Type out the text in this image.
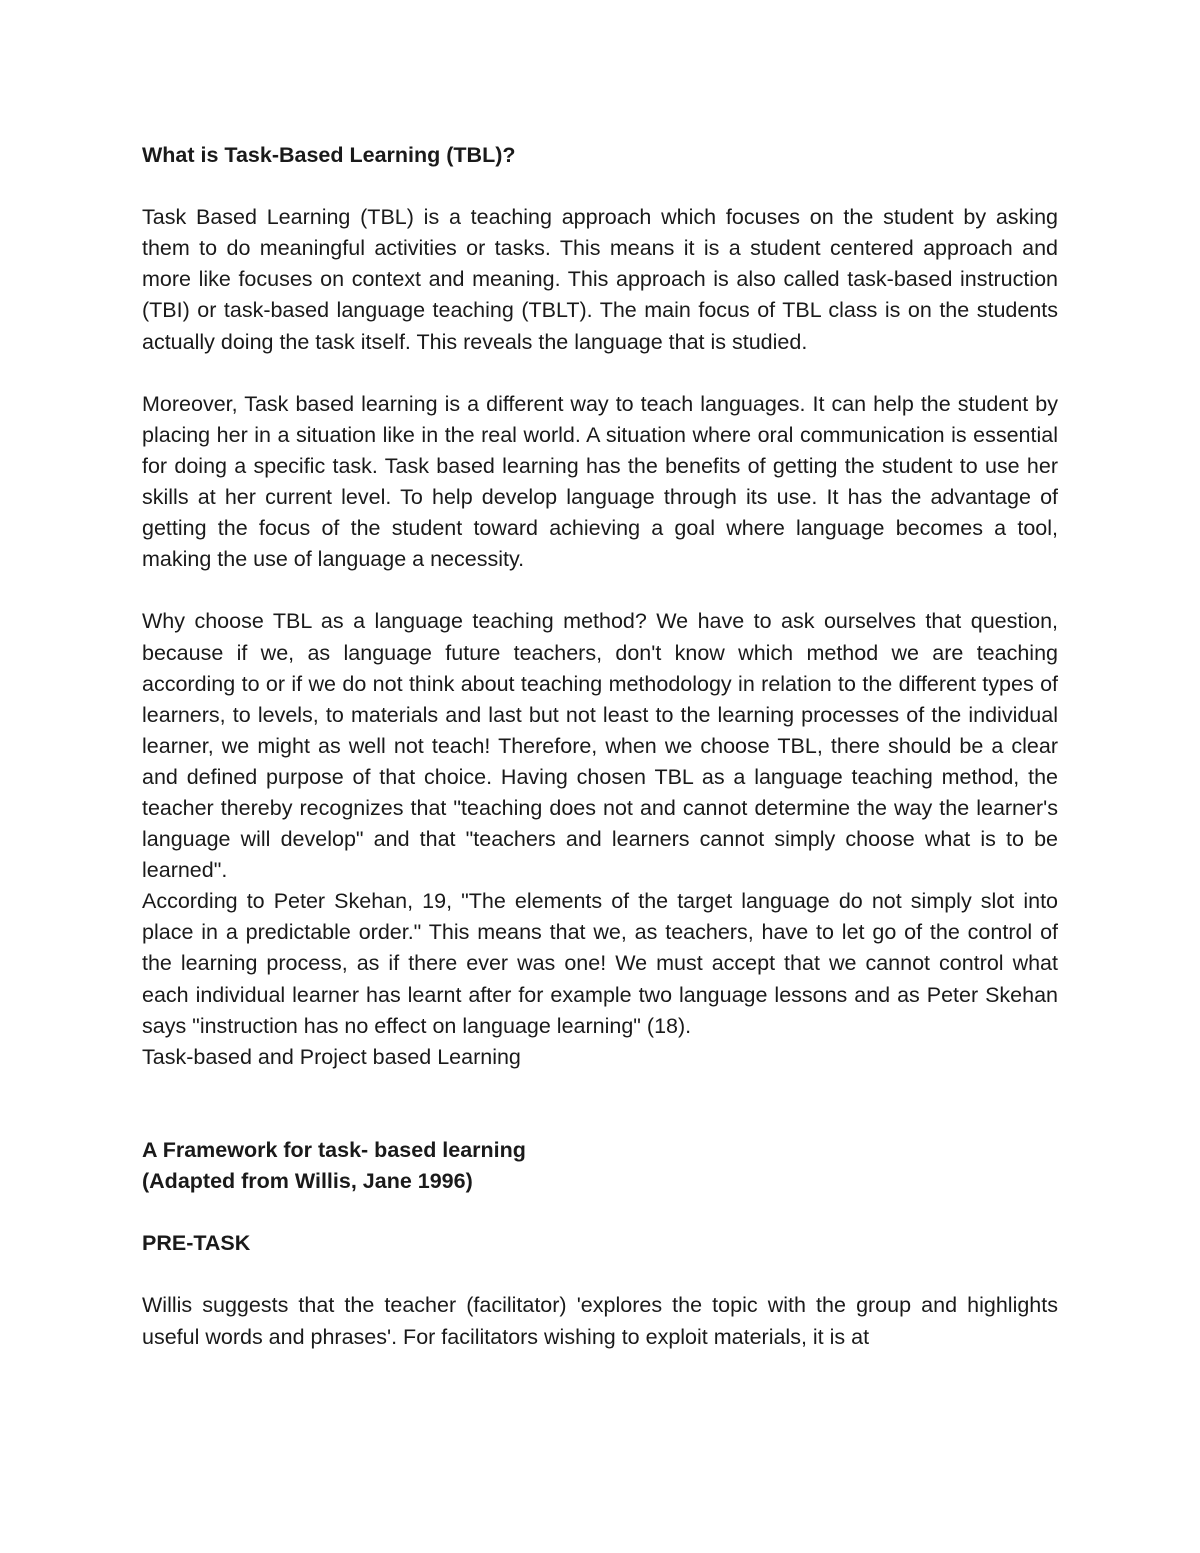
What is Task-Based Learning (TBL)?

Task Based Learning (TBL) is a teaching approach which focuses on the student by asking them to do meaningful activities or tasks. This means it is a student centered approach and more like focuses on context and meaning. This approach is also called task-based instruction (TBI) or task-based language teaching (TBLT). The main focus of TBL class is on the students actually doing the task itself. This reveals the language that is studied.

Moreover, Task based learning is a different way to teach languages. It can help the student by placing her in a situation like in the real world. A situation where oral communication is essential for doing a specific task. Task based learning has the benefits of getting the student to use her skills at her current level. To help develop language through its use. It has the advantage of getting the focus of the student toward achieving a goal where language becomes a tool, making the use of language a necessity.

Why choose TBL as a language teaching method? We have to ask ourselves that question, because if we, as language future teachers, don't know which method we are teaching according to or if we do not think about teaching methodology in relation to the different types of learners, to levels, to materials and last but not least to the learning processes of the individual learner, we might as well not teach! Therefore, when we choose TBL, there should be a clear and defined purpose of that choice. Having chosen TBL as a language teaching method, the teacher thereby recognizes that "teaching does not and cannot determine the way the learner's language will develop" and that "teachers and learners cannot simply choose what is to be learned".

According to Peter Skehan, 19, "The elements of the target language do not simply slot into place in a predictable order." This means that we, as teachers, have to let go of the control of the learning process, as if there ever was one! We must accept that we cannot control what each individual learner has learnt after for example two language lessons and as Peter Skehan says "instruction has no effect on language learning" (18).

Task-based and Project based Learning

A Framework for task- based learning

(Adapted from Willis, Jane 1996)

PRE-TASK

Willis suggests that the teacher (facilitator) 'explores the topic with the group and highlights useful words and phrases'. For facilitators wishing to exploit materials, it is at
